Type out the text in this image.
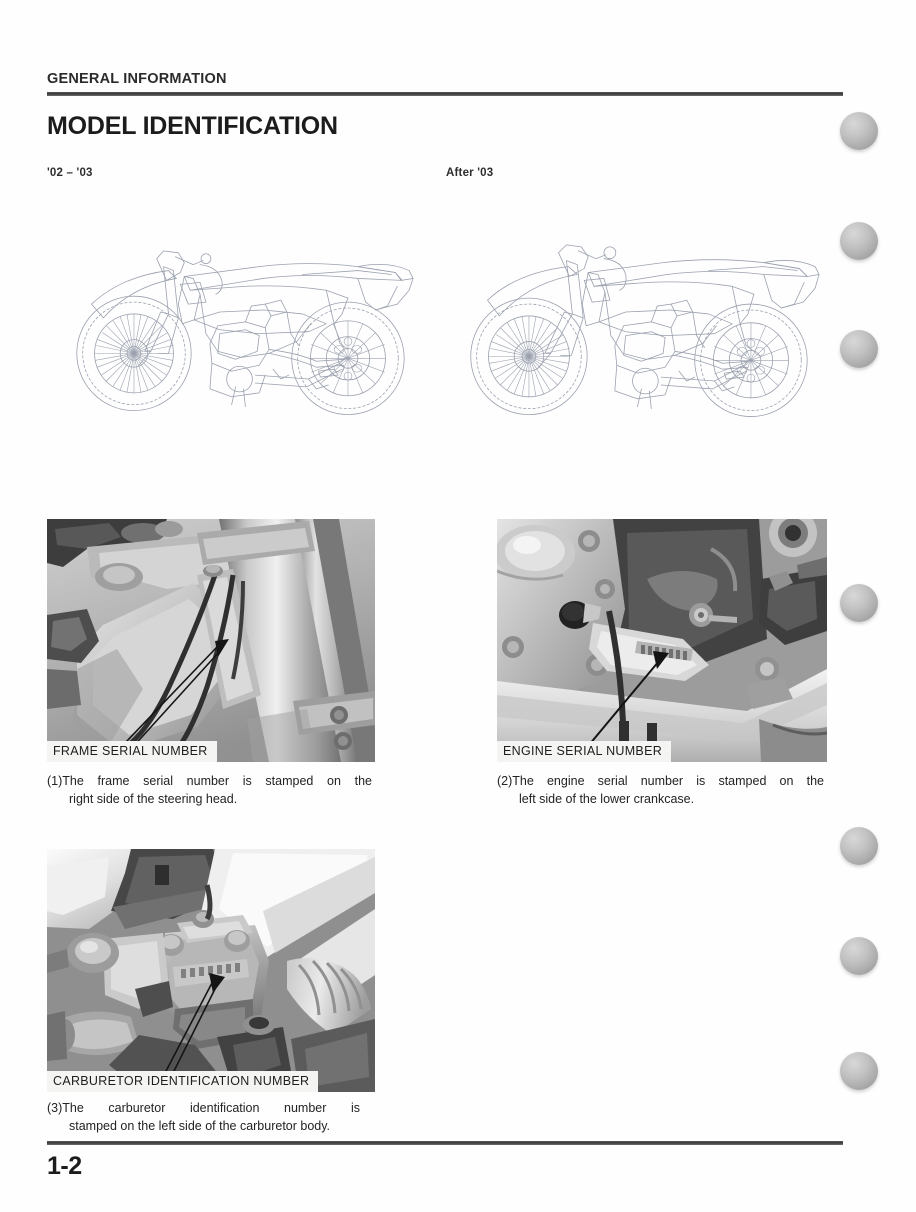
GENERAL INFORMATION
MODEL IDENTIFICATION
'02 – '03	After '03
FRAME SERIAL NUMBER	ENGINE SERIAL NUMBER
CARBURETOR IDENTIFICATION NUMBER
(1)The frame serial number is stamped on the
right side of the steering head.
(2)The engine serial number is stamped on the
left side of the lower crankcase.
(3)The carburetor identification number is
stamped on the left side of the carburetor body.
1-2
